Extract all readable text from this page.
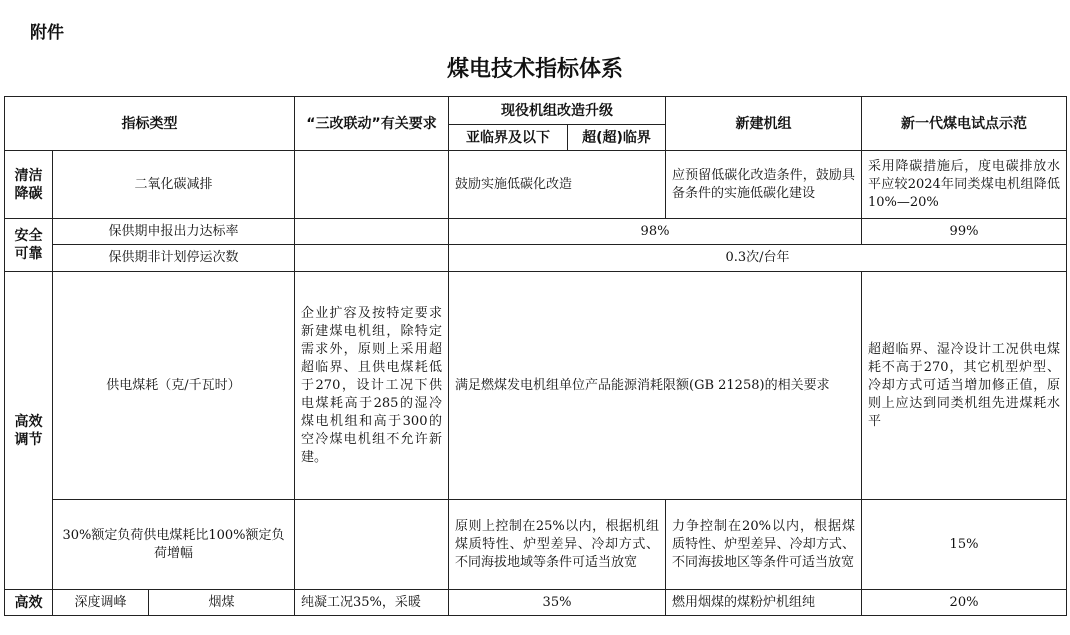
附件
煤电技术指标体系
指标类型			“三改联动”有关要求	现役机组改造升级		新建机组	新一代煤电试点示范
				亚临界及以下	超(超)临界		
清洁降碳	二氧化碳减排			鼓励实施低碳化改造		应预留低碳化改造条件，鼓励具备条件的实施低碳化建设	采用降碳措施后，度电碳排放水平应较2024年同类煤电机组降低10%—20%
安全可靠	保供期申报出力达标率			98%			99%
	保供期非计划停运次数			0.3次/台年			
高效调节	供电煤耗（克/千瓦时）		企业扩容及按特定要求新建煤电机组，除特定需求外，原则上采用超超临界、且供电煤耗低于270，设计工况下供电煤耗高于285的湿冷煤电机组和高于300的空冷煤电机组不允许新建。	满足燃煤发电机组单位产品能源消耗限额(GB 21258)的相关要求			超超临界、湿冷设计工况供电煤耗不高于270，其它机型炉型、冷却方式可适当增加修正值，原则上应达到同类机组先进煤耗水平
	30%额定负荷供电煤耗比100%额定负荷增幅			原则上控制在25%以内，根据机组煤质特性、炉型差异、冷却方式、不同海拔地域等条件可适当放宽		力争控制在20%以内，根据煤质特性、炉型差异、冷却方式、不同海拔地区等条件可适当放宽	15%
高效	深度调峰	烟煤	纯凝工况35%，采暖	35%		燃用烟煤的煤粉炉机组纯	20%
